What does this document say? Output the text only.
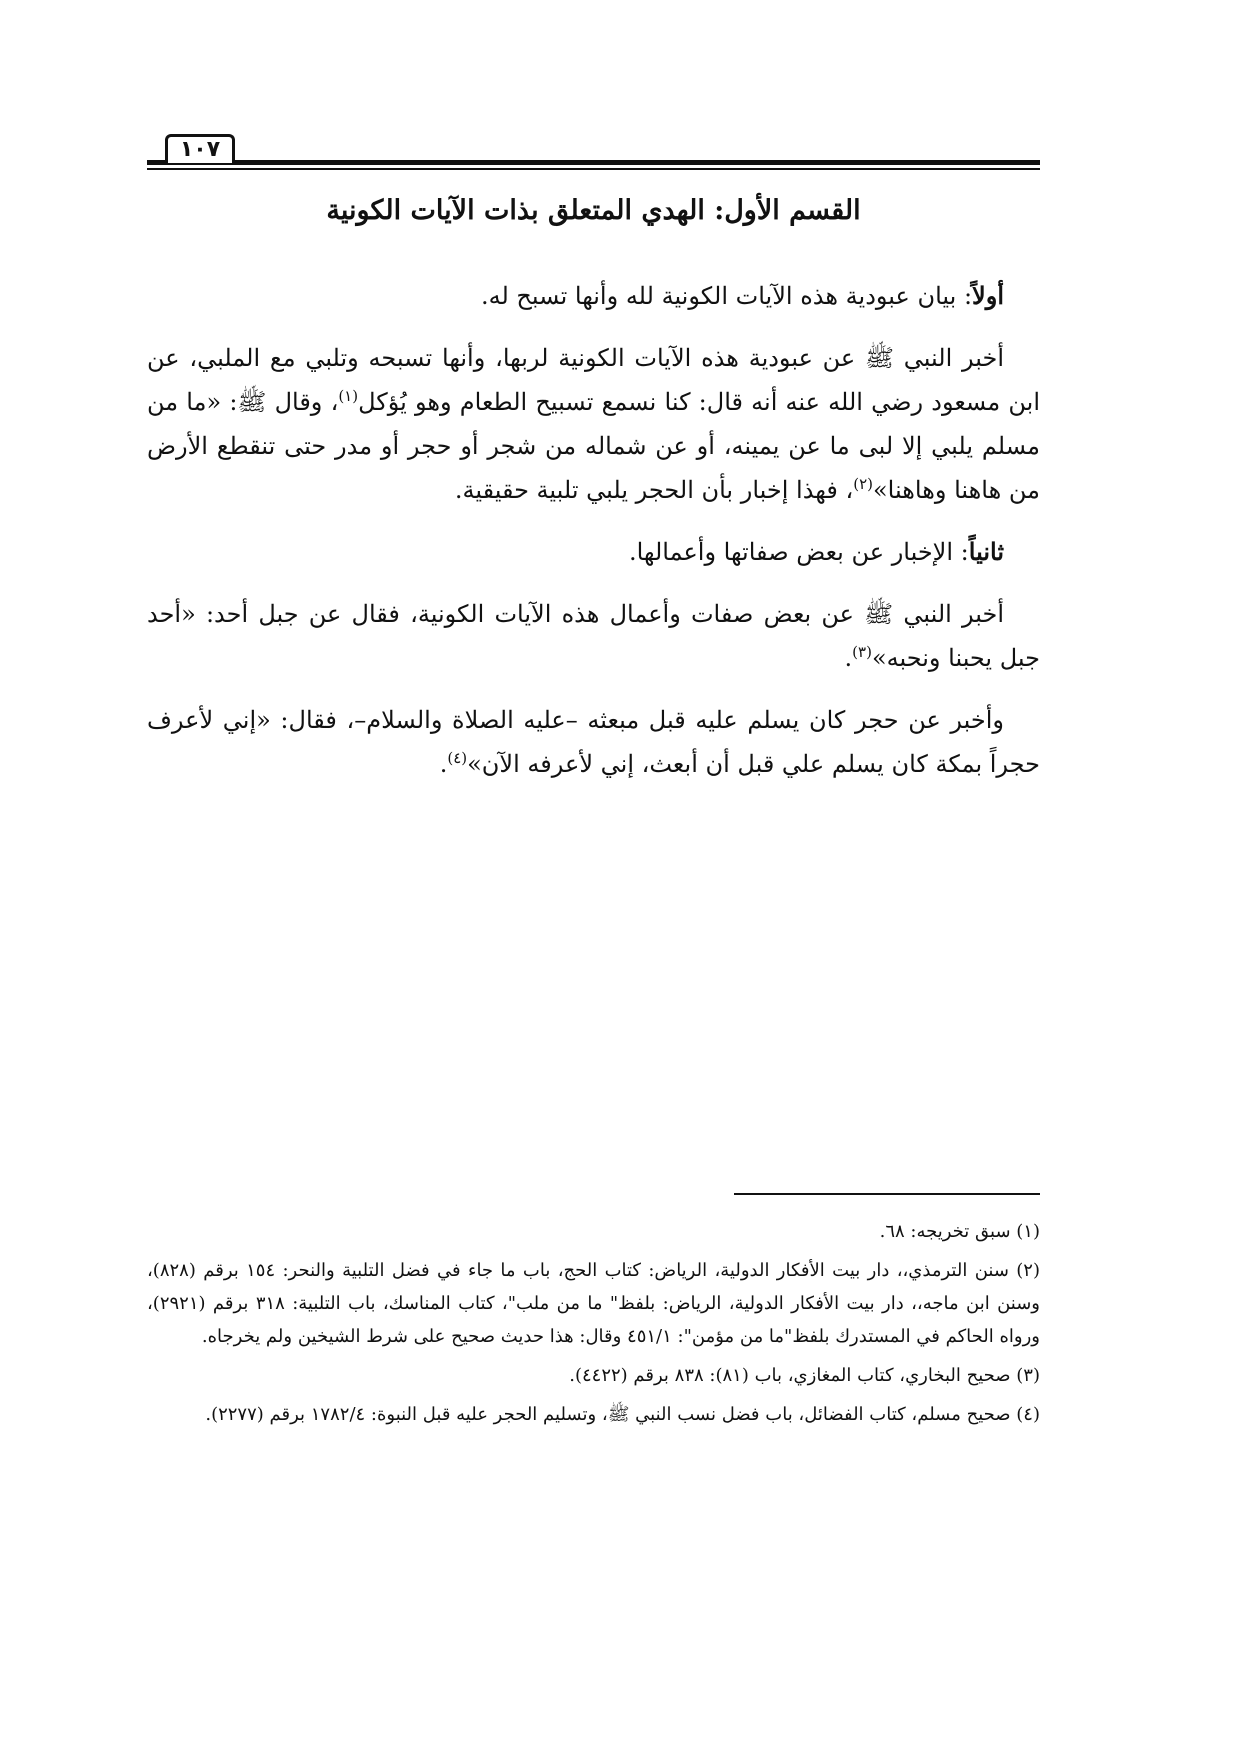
١٠٧
القسم الأول: الهدي المتعلق بذات الآيات الكونية

أولاً: بيان عبودية هذه الآيات الكونية لله وأنها تسبح له.

أخبر النبي ﷺ عن عبودية هذه الآيات الكونية لربها، وأنها تسبحه وتلبي مع الملبي، عن ابن مسعود رضي الله عنه أنه قال: كنا نسمع تسبيح الطعام وهو يُؤكل$^{(١)}$، وقال ﷺ: «ما من مسلم يلبي إلا لبى ما عن يمينه، أو عن شماله من شجر أو حجر أو مدر حتى تنقطع الأرض من هاهنا وهاهنا»$^{(٢)}$، فهذا إخبار بأن الحجر يلبي تلبية حقيقية.

ثانياً: الإخبار عن بعض صفاتها وأعمالها.

أخبر النبي ﷺ عن بعض صفات وأعمال هذه الآيات الكونية، فقال عن جبل أحد: «أحد جبل يحبنا ونحبه»$^{(٣)}$.

وأخبر عن حجر كان يسلم عليه قبل مبعثه –عليه الصلاة والسلام–، فقال: «إني لأعرف حجراً بمكة كان يسلم علي قبل أن أبعث، إني لأعرفه الآن»$^{(٤)}$.

(١) سبق تخريجه: ٦٨.

(٢) سنن الترمذي،، دار بيت الأفكار الدولية، الرياض: كتاب الحج، باب ما جاء في فضل التلبية والنحر: ١٥٤ برقم (٨٢٨)، وسنن ابن ماجه،، دار بيت الأفكار الدولية، الرياض: بلفظ" ما من ملب"، كتاب المناسك، باب التلبية: ٣١٨ برقم (٢٩٢١)، ورواه الحاكم في المستدرك بلفظ"ما من مؤمن": ٤٥١/١ وقال: هذا حديث صحيح على شرط الشيخين ولم يخرجاه.

(٣) صحيح البخاري، كتاب المغازي، باب (٨١): ٨٣٨ برقم (٤٤٢٢).

(٤) صحيح مسلم، كتاب الفضائل، باب فضل نسب النبي ﷺ، وتسليم الحجر عليه قبل النبوة: ١٧٨٢/٤ برقم (٢٢٧٧).
